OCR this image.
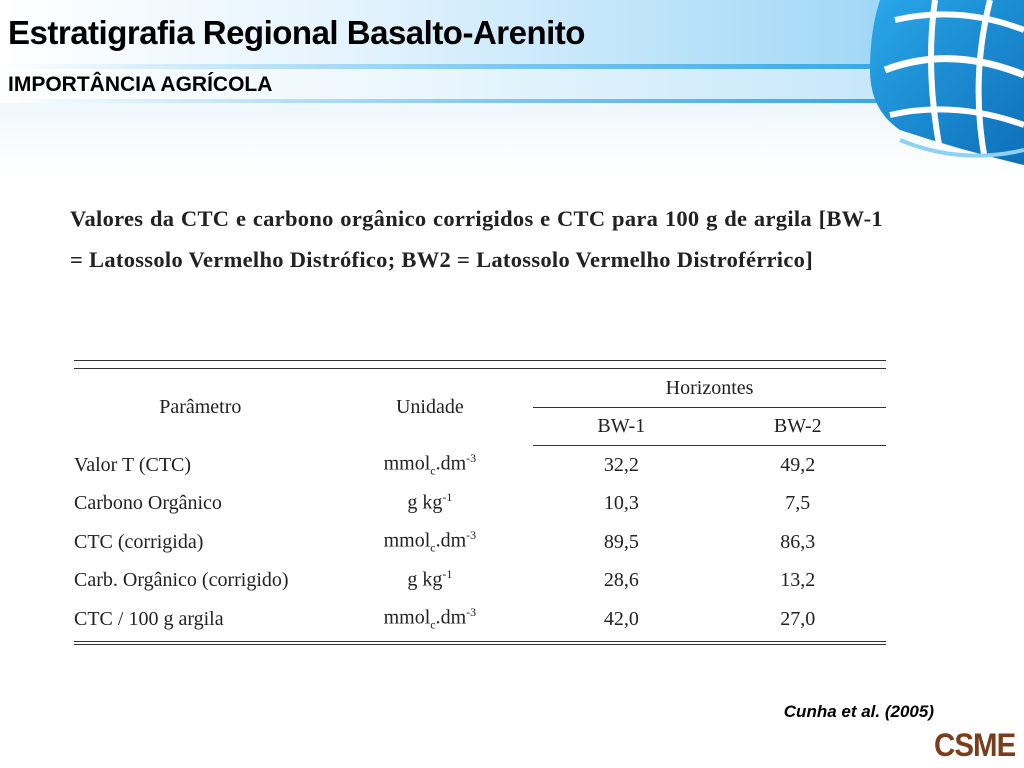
Estratigrafia Regional Basalto-Arenito
IMPORTÂNCIA AGRÍCOLA

Valores da CTC e carbono orgânico corrigidos e CTC para 100 g de argila [BW-1 = Latossolo Vermelho Distrófico; BW2 = Latossolo Vermelho Distroférrico]

Parâmetro	Unidade	Horizontes	
		BW-1	BW-2
Valor T (CTC)	$mmol_c.dm^{-3}$	32,2	49,2
Carbono Orgânico	g $kg^{-1}$	10,3	7,5
CTC (corrigida)	$mmol_c.dm^{-3}$	89,5	86,3
Carb. Orgânico (corrigido)	g $kg^{-1}$	28,6	13,2
CTC / 100 g argila	$mmol_c.dm^{-3}$	42,0	27,0

Cunha et al. (2005)

CSME
